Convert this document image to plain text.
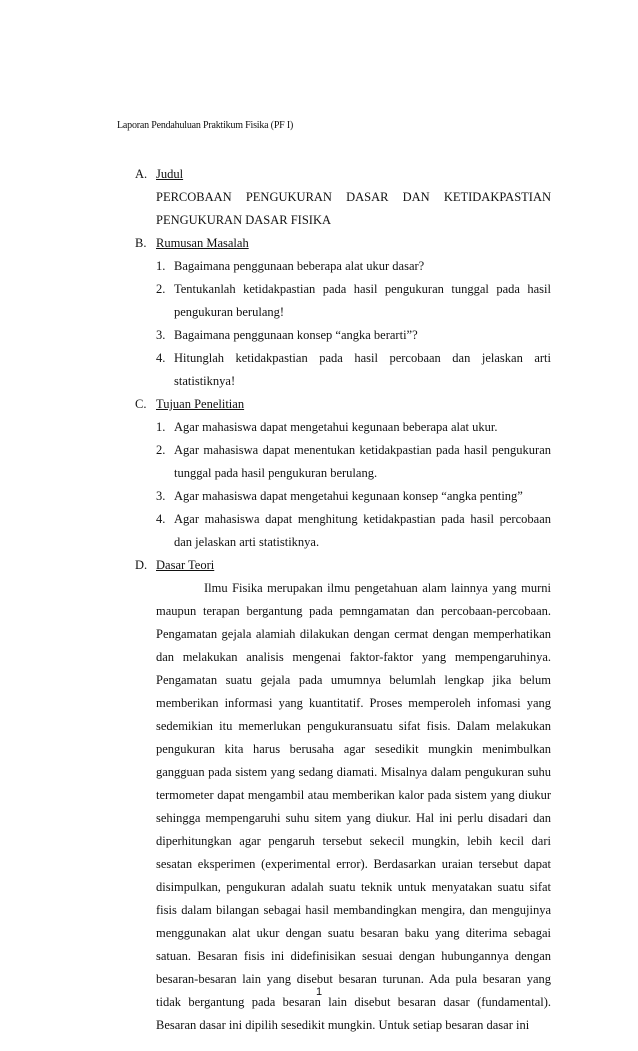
Laporan Pendahuluan Praktikum Fisika (PF I)
A. Judul
PERCOBAAN PENGUKURAN DASAR DAN KETIDAKPASTIAN
PENGUKURAN DASAR FISIKA
B. Rumusan Masalah
1. Bagaimana penggunaan beberapa alat ukur dasar?
2. Tentukanlah ketidakpastian pada hasil pengukuran tunggal pada hasil pengukuran berulang!
3. Bagaimana penggunaan konsep “angka berarti”?
4. Hitunglah ketidakpastian pada hasil percobaan dan jelaskan arti statistiknya!
C. Tujuan Penelitian
1. Agar mahasiswa dapat mengetahui kegunaan beberapa alat ukur.
2. Agar mahasiswa dapat menentukan ketidakpastian pada hasil pengukuran tunggal pada hasil pengukuran berulang.
3. Agar mahasiswa dapat mengetahui kegunaan konsep “angka penting”
4. Agar mahasiswa dapat menghitung ketidakpastian pada hasil percobaan dan jelaskan arti statistiknya.
D. Dasar Teori
Ilmu Fisika merupakan ilmu pengetahuan alam lainnya yang murni maupun terapan bergantung pada pemngamatan dan percobaan-percobaan. Pengamatan gejala alamiah dilakukan dengan cermat dengan memperhatikan dan melakukan analisis mengenai faktor-faktor yang mempengaruhinya. Pengamatan suatu gejala pada umumnya belumlah lengkap jika belum memberikan informasi yang kuantitatif. Proses memperoleh infomasi yang sedemikian itu memerlukan pengukuransuatu sifat fisis. Dalam melakukan pengukuran kita harus berusaha agar sesedikit mungkin menimbulkan gangguan pada sistem yang sedang diamati. Misalnya dalam pengukuran suhu termometer dapat mengambil atau memberikan kalor pada sistem yang diukur sehingga mempengaruhi suhu sitem yang diukur. Hal ini perlu disadari dan diperhitungkan agar pengaruh tersebut sekecil mungkin, lebih kecil dari sesatan eksperimen (experimental error). Berdasarkan uraian tersebut dapat disimpulkan, pengukuran adalah suatu teknik untuk menyatakan suatu sifat fisis dalam bilangan sebagai hasil membandingkan mengira, dan mengujinya menggunakan alat ukur dengan suatu besaran baku yang diterima sebagai satuan. Besaran fisis ini didefinisikan sesuai dengan hubungannya dengan besaran-besaran lain yang disebut besaran turunan. Ada pula besaran yang tidak bergantung pada besaran lain disebut besaran dasar (fundamental). Besaran dasar ini dipilih sesedikit mungkin. Untuk setiap besaran dasar ini
1
